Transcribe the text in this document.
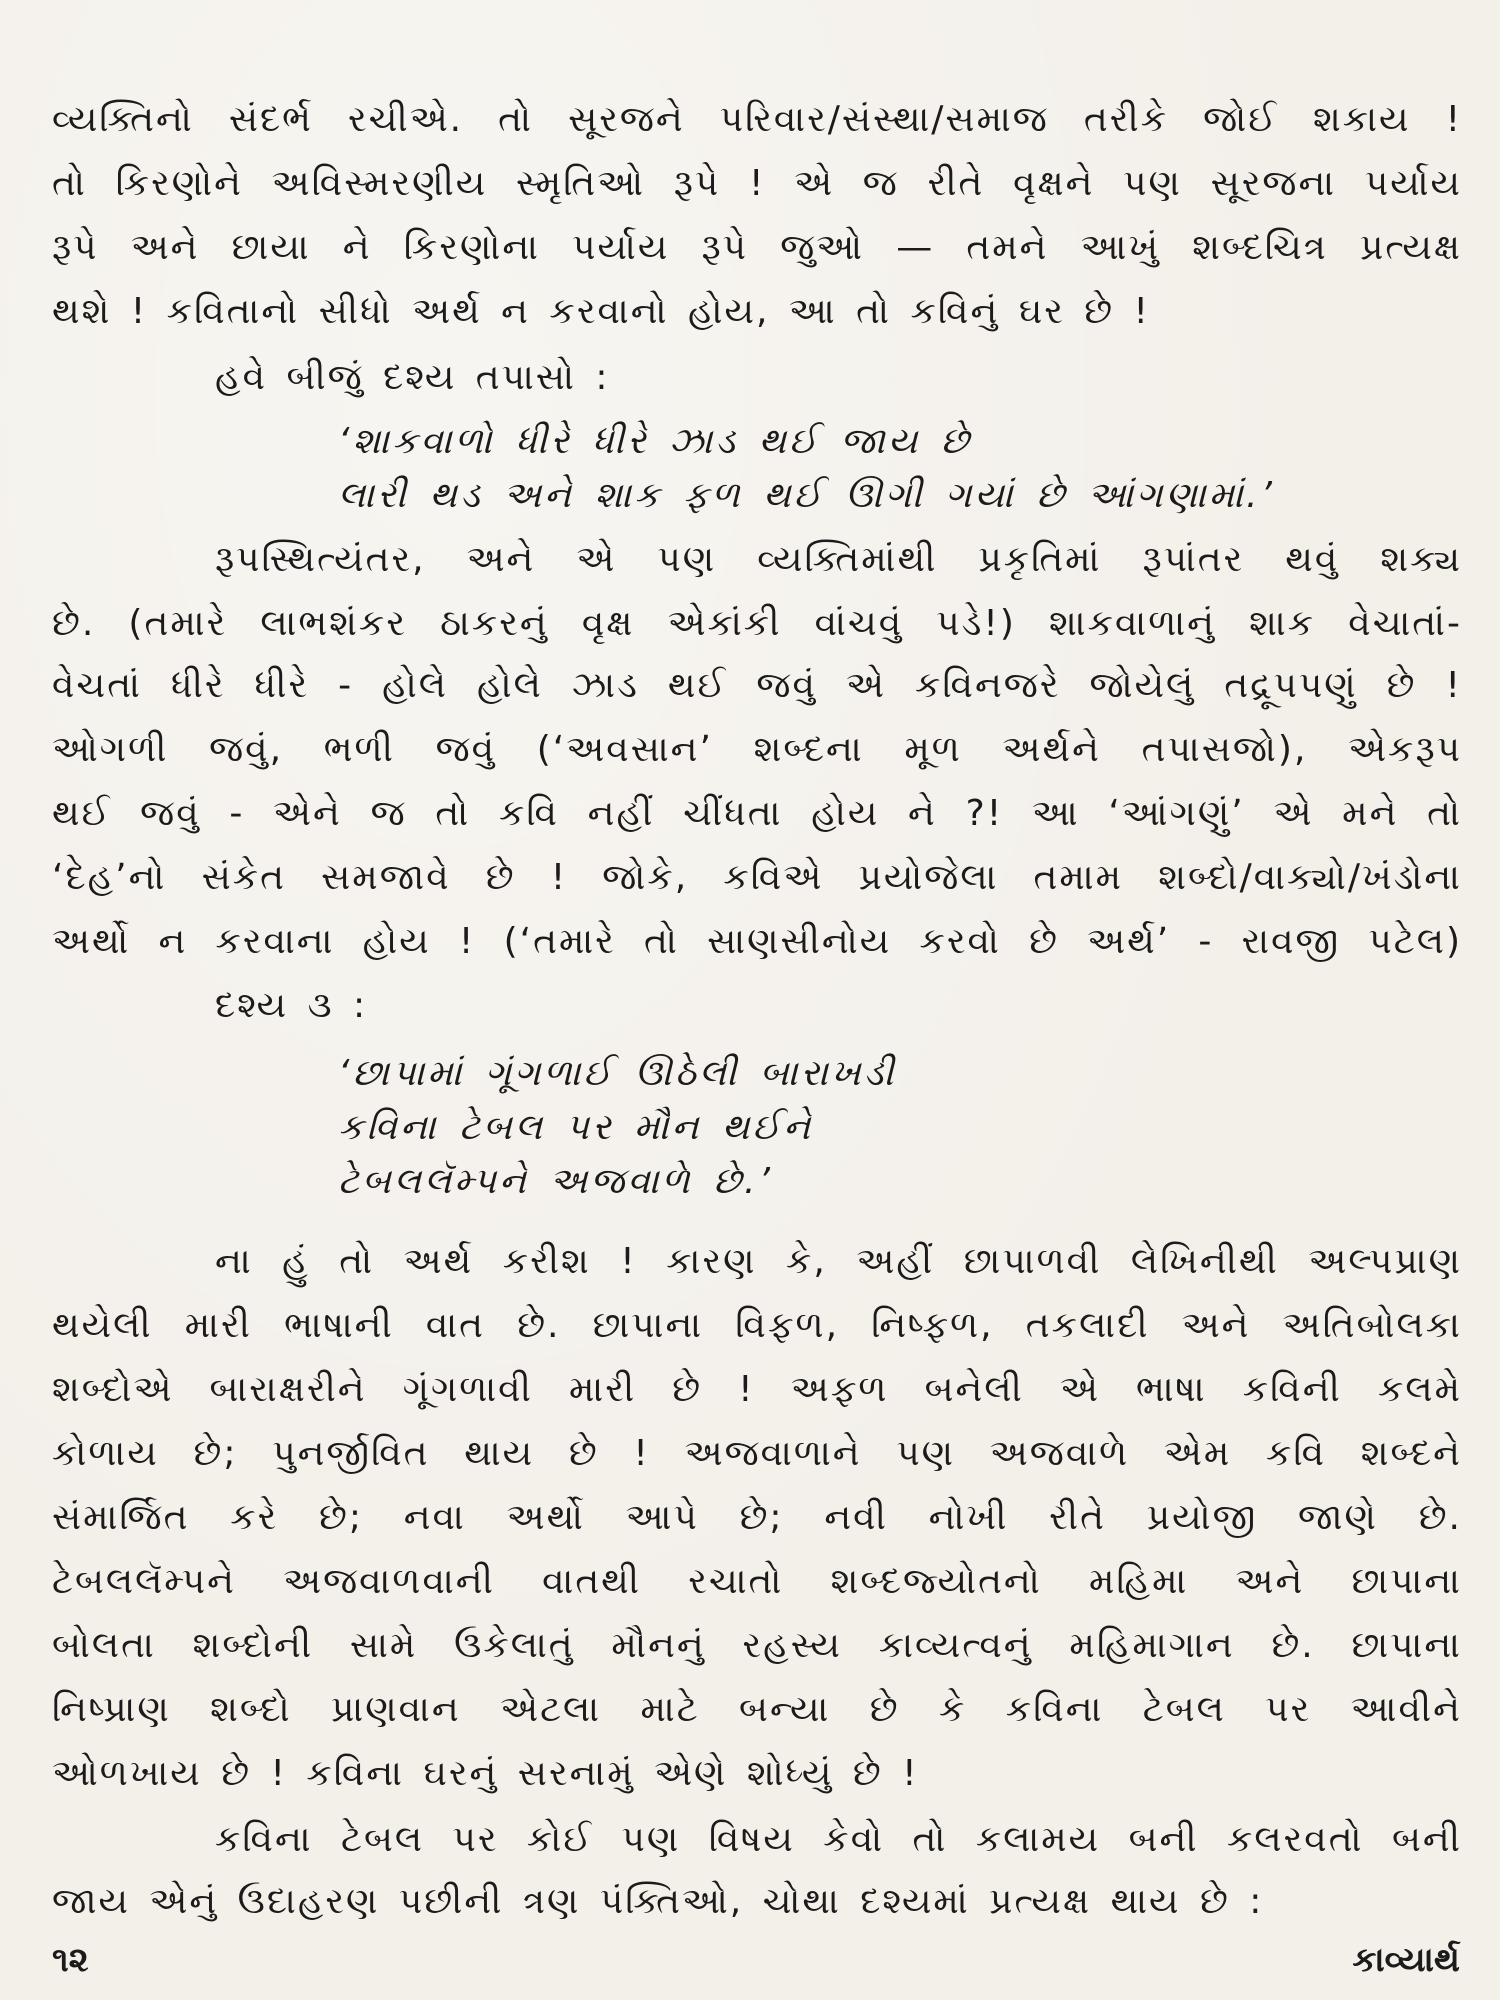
વ્યક્તિનો સંદર્ભ રચીએ. તો સૂરજને પરિવાર/સંસ્થા/સમાજ તરીકે જોઈ શકાય !
તો કિરણોને અવિસ્મરણીય સ્મૃતિઓ રૂપે ! એ જ રીતે વૃક્ષને પણ સૂરજના પર્યાય
રૂપે અને છાયા ને કિરણોના પર્યાય રૂપે જુઓ — તમને આખું શબ્દચિત્ર પ્રત્યક્ષ
થશે ! કવિતાનો સીધો અર્થ ન કરવાનો હોય, આ તો કવિનું ઘર છે !
હવે બીજું દશ્ય તપાસો :
‘શાકવાળો ધીરે ધીરે ઝાડ થઈ જાય છે
લારી થડ અને શાક ફળ થઈ ઊગી ગયાં છે આંગણામાં.’
રૂપસ્થિત્યંતર, અને એ પણ વ્યક્તિમાંથી પ્રકૃતિમાં રૂપાંતર થવું શક્ય
છે. (તમારે લાભશંકર ઠાકરનું વૃક્ષ એકાંકી વાંચવું પડે!) શાકવાળાનું શાક વેચાતાં-
વેચતાં ધીરે ધીરે - હોલે હોલે ઝાડ થઈ જવું એ કવિનજરે જોયેલું તદ્રૂપપણું છે !
ઓગળી જવું, ભળી જવું (‘અવસાન’ શબ્દના મૂળ અર્થને તપાસજો), એકરૂપ
થઈ જવું - એને જ તો કવિ નહીં ચીંધતા હોય ને ?! આ ‘આંગણું’ એ મને તો
‘દેહ’નો સંકેત સમજાવે છે ! જોકે, કવિએ પ્રયોજેલા તમામ શબ્દો/વાક્યો/ખંડોના
અર્થો ન કરવાના હોય ! (‘તમારે તો સાણસીનોય કરવો છે અર્થ’ - રાવજી પટેલ)
દશ્ય ૩ :
‘છાપામાં ગૂંગળાઈ ઊઠેલી બારાખડી
કવિના ટેબલ પર મૌન થઈને
ટેબલલૅમ્પને અજવાળે છે.’
ના હું તો અર્થ કરીશ ! કારણ કે, અહીં છાપાળવી લેખિનીથી અલ્પપ્રાણ
થયેલી મારી ભાષાની વાત છે. છાપાના વિફળ, નિષ્ફળ, તકલાદી અને અતિબોલકા
શબ્દોએ બારાક્ષરીને ગૂંગળાવી મારી છે ! અફળ બનેલી એ ભાષા કવિની કલમે
કોળાય છે; પુનર્જીવિત થાય છે ! અજવાળાને પણ અજવાળે એમ કવિ શબ્દને
સંમાર્જિત કરે છે; નવા અર્થો આપે છે; નવી નોખી રીતે પ્રયોજી જાણે છે.
ટેબલલૅમ્પને અજવાળવાની વાતથી રચાતો શબ્દજ્યોતનો મહિમા અને છાપાના
બોલતા શબ્દોની સામે ઉકેલાતું મૌનનું રહસ્ય કાવ્યત્વનું મહિમાગાન છે. છાપાના
નિષ્પ્રાણ શબ્દો પ્રાણવાન એટલા માટે બન્યા છે કે કવિના ટેબલ પર આવીને
ઓળખાય છે ! કવિના ઘરનું સરનામું એણે શોધ્યું છે !
કવિના ટેબલ પર કોઈ પણ વિષય કેવો તો કલામય બની કલરવતો બની
જાય એનું ઉદાહરણ પછીની ત્રણ પંક્તિઓ, ચોથા દશ્યમાં પ્રત્યક્ષ થાય છે :
૧૨	કાવ્યાર્થ
